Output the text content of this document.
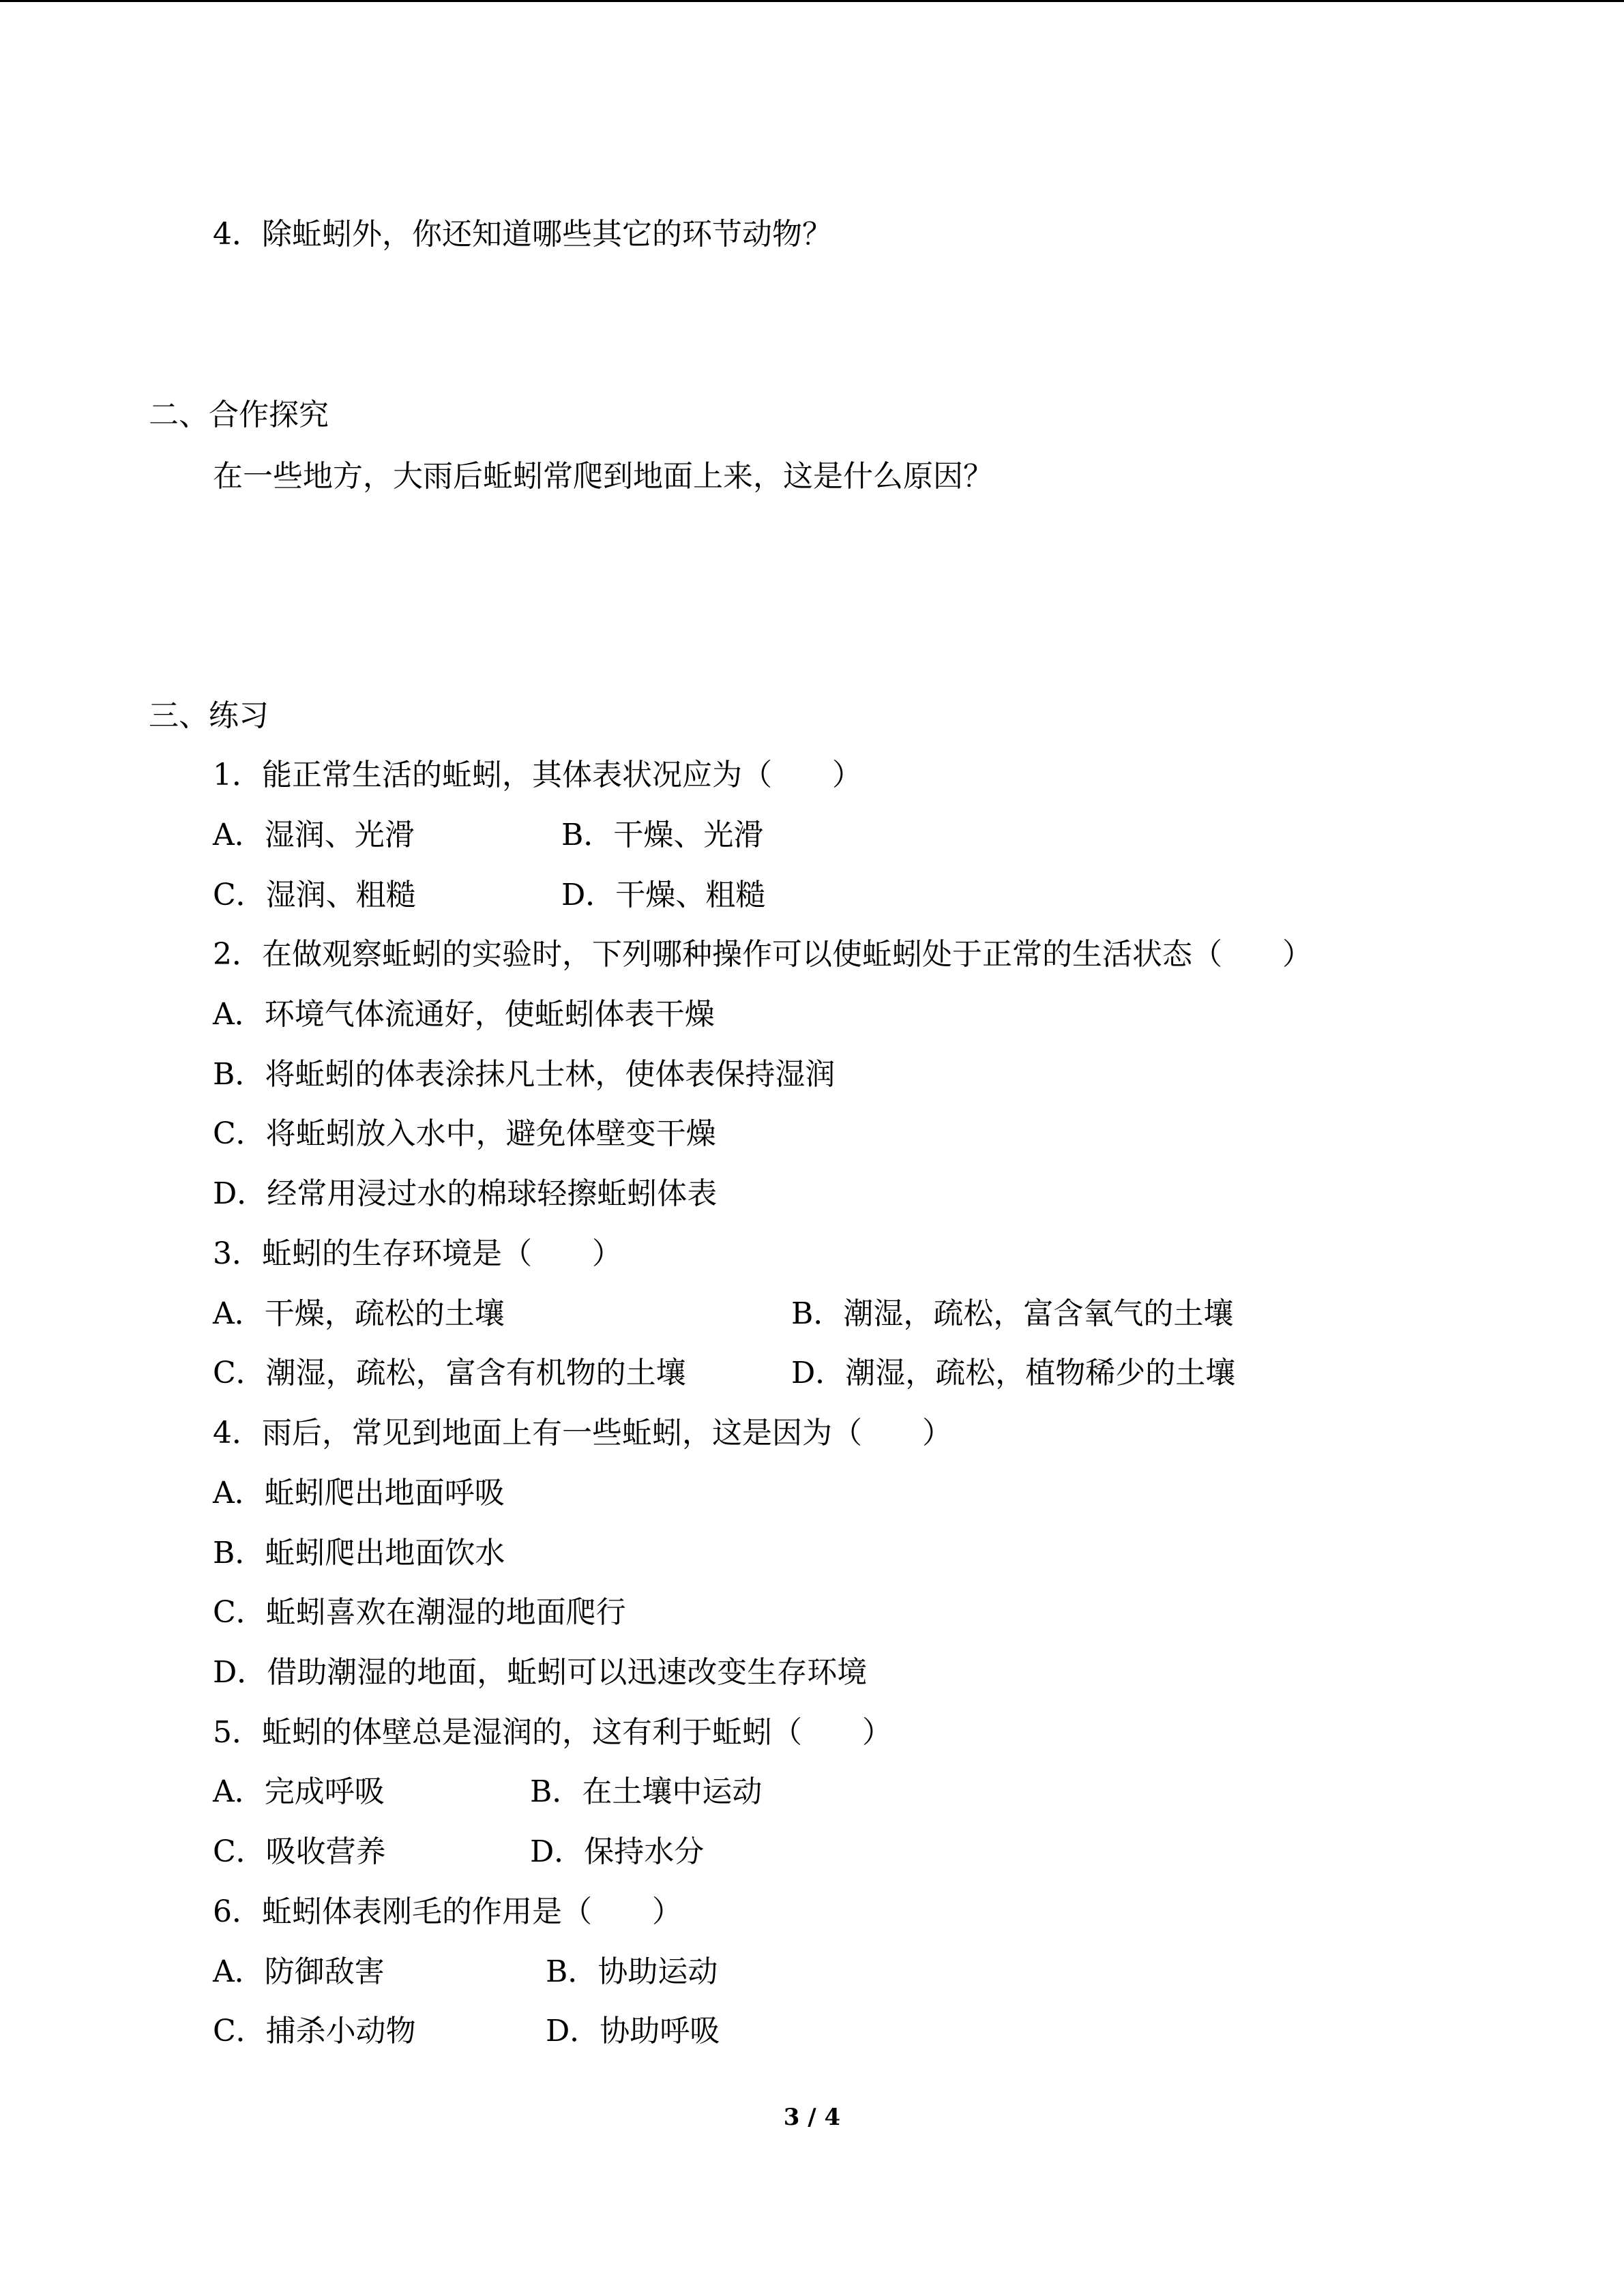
4．除蚯蚓外，你还知道哪些其它的环节动物？
二、合作探究
在一些地方，大雨后蚯蚓常爬到地面上来，这是什么原因？
三、练习
1．能正常生活的蚯蚓，其体表状况应为（　　）
A．湿润、光滑	B．干燥、光滑
C．湿润、粗糙	D．干燥、粗糙
2．在做观察蚯蚓的实验时，下列哪种操作可以使蚯蚓处于正常的生活状态（　　）
A．环境气体流通好，使蚯蚓体表干燥
B．将蚯蚓的体表涂抹凡士林，使体表保持湿润
C．将蚯蚓放入水中，避免体壁变干燥
D．经常用浸过水的棉球轻擦蚯蚓体表
3．蚯蚓的生存环境是（　　）
A．干燥，疏松的土壤	B．潮湿，疏松，富含氧气的土壤
C．潮湿，疏松，富含有机物的土壤	D．潮湿，疏松，植物稀少的土壤
4．雨后，常见到地面上有一些蚯蚓，这是因为（　　）
A．蚯蚓爬出地面呼吸
B．蚯蚓爬出地面饮水
C．蚯蚓喜欢在潮湿的地面爬行
D．借助潮湿的地面，蚯蚓可以迅速改变生存环境
5．蚯蚓的体壁总是湿润的，这有利于蚯蚓（　　）
A．完成呼吸	B．在土壤中运动
C．吸收营养	D．保持水分
6．蚯蚓体表刚毛的作用是（　　）
A．防御敌害	B．协助运动
C．捕杀小动物	D．协助呼吸
3 / 4
